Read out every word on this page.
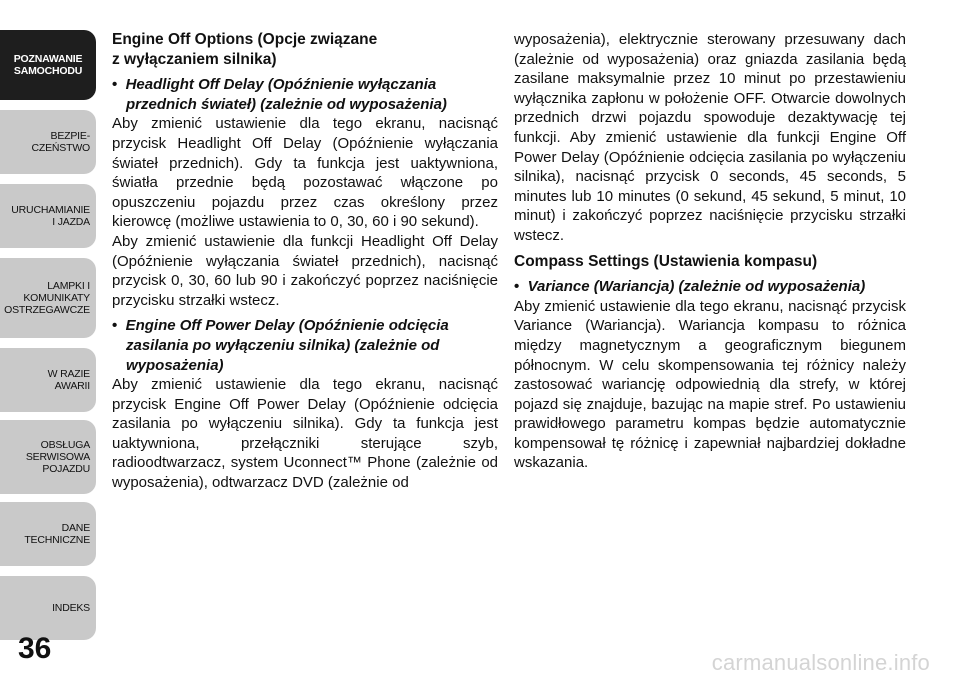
POZNAWANIE
SAMOCHODU
BEZPIE-
CZEŃSTWO
URUCHAMIANIE
I JAZDA
LAMPKI I
KOMUNIKATY
OSTRZEGAWCZE
W RAZIE
AWARII
OBSŁUGA
SERWISOWA
POJAZDU
DANE
TECHNICZNE
INDEKS
36
Engine Off Options (Opcje związane
z wyłączaniem silnika)

•  Headlight Off Delay (Opóźnienie wyłączania przednich świateł) (zależnie od wyposażenia)

Aby zmienić ustawienie dla tego ekranu, nacisnąć przycisk Headlight Off Delay (Opóźnienie wyłączania świateł przednich). Gdy ta funkcja jest uaktywniona, światła przednie będą pozostawać włączone po opuszczeniu pojazdu przez czas określony przez kierowcę (możliwe ustawienia to 0, 30, 60 i 90 sekund).

Aby zmienić ustawienie dla funkcji Headlight Off Delay (Opóźnienie wyłączania świateł przednich), nacisnąć przycisk 0, 30, 60 lub 90 i zakończyć poprzez naciśnięcie przycisku strzałki wstecz.

•  Engine Off Power Delay (Opóźnienie odcięcia zasilania po wyłączeniu silnika) (zależnie od wyposażenia)

Aby zmienić ustawienie dla tego ekranu, nacisnąć przycisk Engine Off Power Delay (Opóźnienie odcięcia zasilania po wyłączeniu silnika). Gdy ta funkcja jest uaktywniona, przełączniki sterujące szyb, radioodtwarzacz, system Uconnect™ Phone (zależnie od wyposażenia), odtwarzacz DVD (zależnie od

wyposażenia), elektrycznie sterowany przesuwany dach (zależnie od wyposażenia) oraz gniazda zasilania będą zasilane maksymalnie przez 10 minut po przestawieniu wyłącznika zapłonu w położenie OFF. Otwarcie dowolnych przednich drzwi pojazdu spowoduje dezaktywację tej funkcji. Aby zmienić ustawienie dla funkcji Engine Off Power Delay (Opóźnienie odcięcia zasilania po wyłączeniu silnika), nacisnąć przycisk 0 seconds, 45 seconds, 5 minutes lub 10 minutes (0 sekund, 45 sekund, 5 minut, 10 minut) i zakończyć poprzez naciśnięcie przycisku strzałki wstecz.

Compass Settings (Ustawienia kompasu)

•  Variance (Wariancja) (zależnie od wyposażenia)

Aby zmienić ustawienie dla tego ekranu, nacisnąć przycisk Variance (Wariancja). Wariancja kompasu to różnica między magnetycznym a geograficznym biegunem północnym. W celu skompensowania tej różnicy należy zastosować wariancję odpowiednią dla strefy, w której pojazd się znajduje, bazując na mapie stref. Po ustawieniu prawidłowego parametru kompas będzie automatycznie kompensował tę różnicę i zapewniał najbardziej dokładne wskazania.

carmanualsonline.info
